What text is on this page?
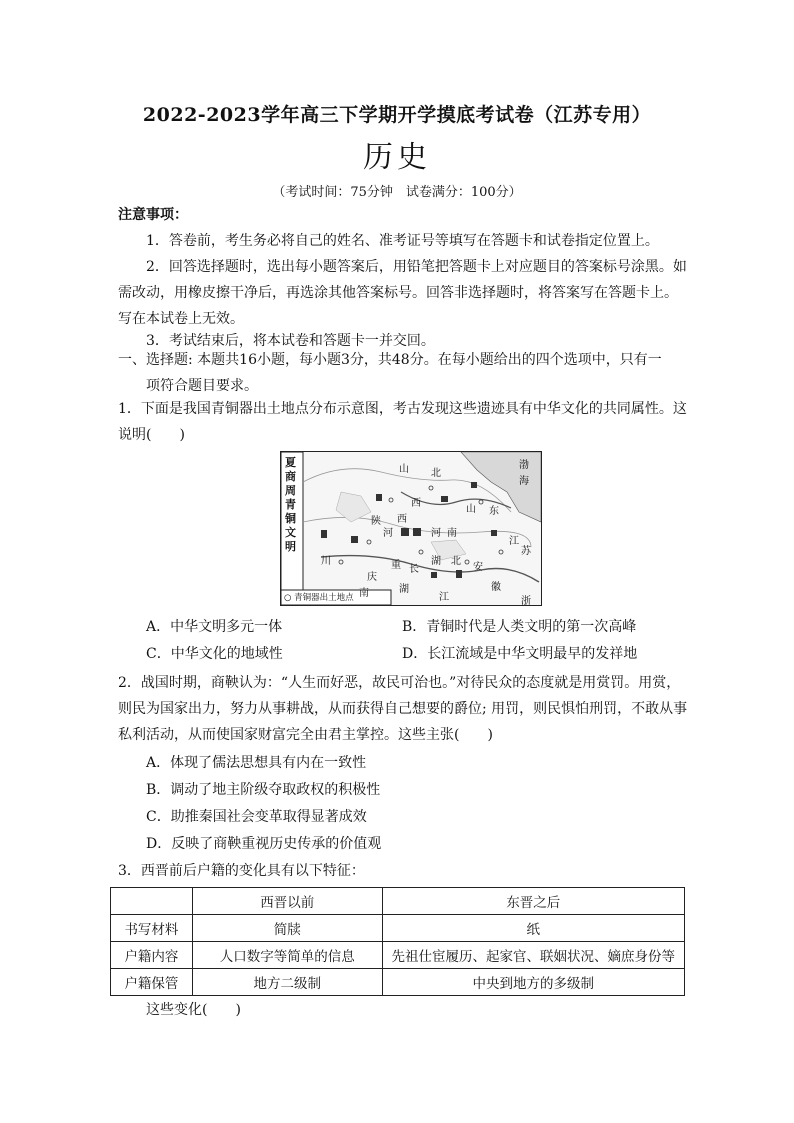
2022-2023学年高三下学期开学摸底考试卷（江苏专用）
历史
（考试时间：75分钟　试卷满分：100分）
注意事项：
1．答卷前，考生务必将自己的姓名、准考证号等填写在答题卡和试卷指定位置上。
2．回答选择题时，选出每小题答案后，用铅笔把答题卡上对应题目的答案标号涂黑。如需改动，用橡皮擦干净后，再选涂其他答案标号。回答非选择题时，将答案写在答题卡上。写在本试卷上无效。
3．考试结束后，将本试卷和答题卡一并交回。
一、选择题: 本题共16小题，每小题3分，共48分。在每小题给出的四个选项中，只有一
项符合题目要求。
1．下面是我国青铜器出土地点分布示意图，考古发现这些遗迹具有中华文化的共同属性。这说明(　　)
夏商周青铜文明
○ 青铜器出土地点
山 北
渤
海
西
陕
河
山 东
西
河 南
江
苏
湖 北
安
徽
川	重
庆
长
湖
江	浙
南
A．中华文明多元一体	B．青铜时代是人类文明的第一次高峰
C．中华文化的地域性	D．长江流域是中华文明最早的发祥地
2．战国时期，商鞅认为：“人生而好恶，故民可治也。”对待民众的态度就是用赏罚。用赏，则民为国家出力，努力从事耕战，从而获得自己想要的爵位; 用罚，则民惧怕刑罚，不敢从事私利活动，从而使国家财富完全由君主掌控。这些主张(　　)
A．体现了儒法思想具有内在一致性
B．调动了地主阶级夺取政权的积极性
C．助推秦国社会变革取得显著成效
D．反映了商鞅重视历史传承的价值观
3．西晋前后户籍的变化具有以下特征：
	西晋以前	东晋之后
书写材料	简牍	纸
户籍内容	人口数字等简单的信息	先祖仕宦履历、起家官、联姻状况、嫡庶身份等
户籍保管	地方二级制	中央到地方的多级制
这些变化(　　)
